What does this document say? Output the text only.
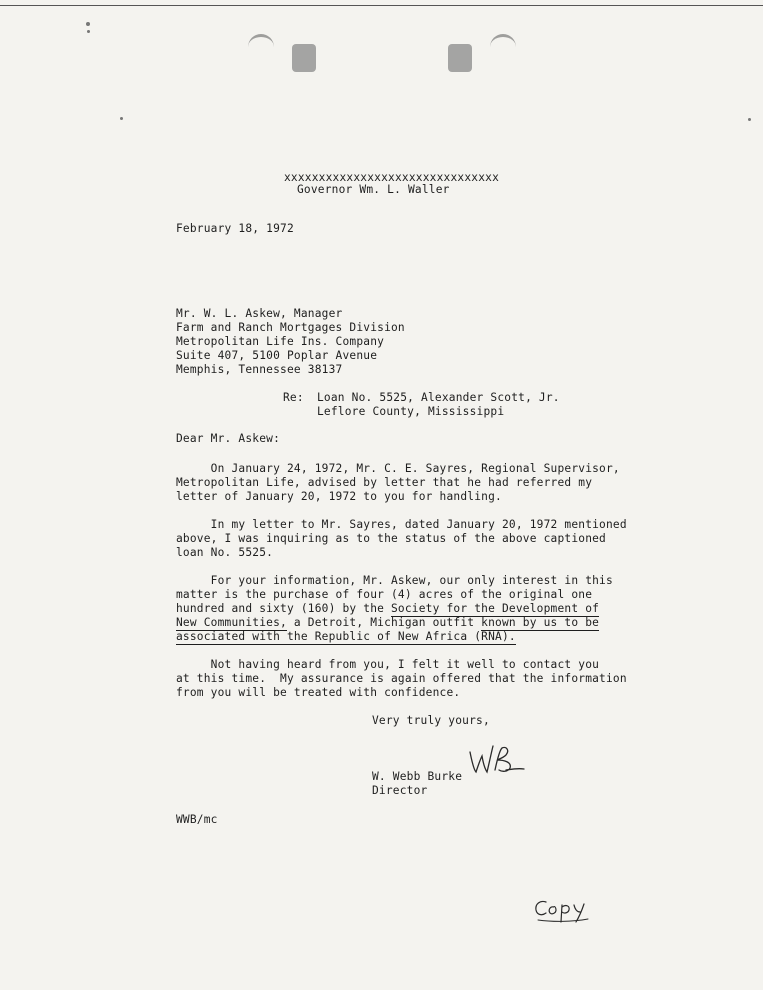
xxxxxxxxxxxxxxxxxxxxxxxxxxxxxxx
Governor Wm. L. Waller
February 18, 1972
Mr. W. L. Askew, Manager
Farm and Ranch Mortgages Division
Metropolitan Life Ins. Company
Suite 407, 5100 Poplar Avenue
Memphis, Tennessee 38137
Re: Loan No. 5525, Alexander Scott, Jr.
Leflore County, Mississippi
Dear Mr. Askew:
On January 24, 1972, Mr. C. E. Sayres, Regional Supervisor,
Metropolitan Life, advised by letter that he had referred my
letter of January 20, 1972 to you for handling.
In my letter to Mr. Sayres, dated January 20, 1972 mentioned
above, I was inquiring as to the status of the above captioned
loan No. 5525.
For your information, Mr. Askew, our only interest in this
matter is the purchase of four (4) acres of the original one
hundred and sixty (160) by the Society for the Development of
New Communities, a Detroit, Michigan outfit known by us to be
associated with the Republic of New Africa (RNA).
Not having heard from you, I felt it well to contact you
at this time.  My assurance is again offered that the information
from you will be treated with confidence.
Very truly yours,
W. Webb Burke
Director
WWB/mc
